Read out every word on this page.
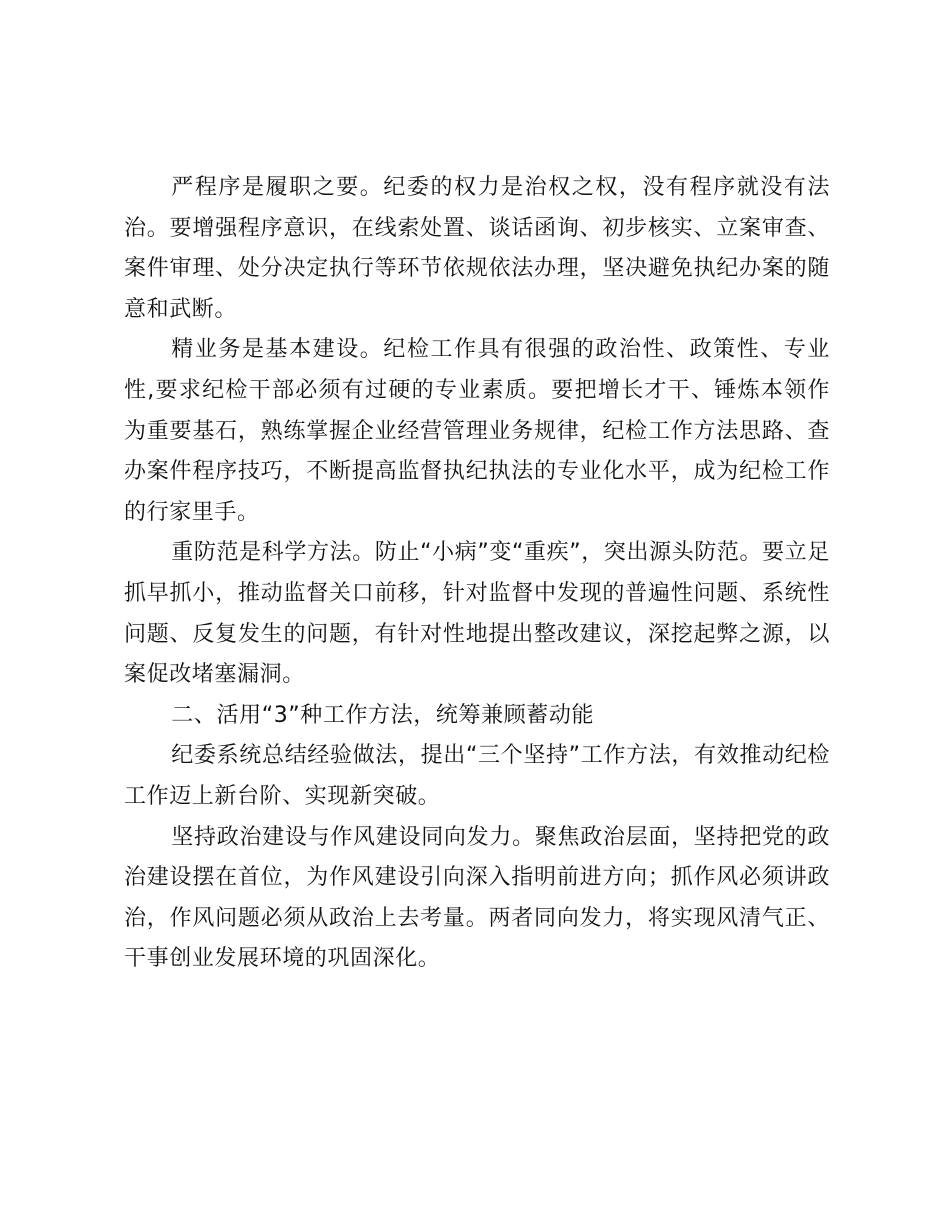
严程序是履职之要。纪委的权力是治权之权，没有程序就没有法治。要增强程序意识，在线索处置、谈话函询、初步核实、立案审查、案件审理、处分决定执行等环节依规依法办理，坚决避免执纪办案的随意和武断。

精业务是基本建设。纪检工作具有很强的政治性、政策性、专业性,要求纪检干部必须有过硬的专业素质。要把增长才干、锤炼本领作为重要基石，熟练掌握企业经营管理业务规律，纪检工作方法思路、查办案件程序技巧，不断提高监督执纪执法的专业化水平，成为纪检工作的行家里手。

重防范是科学方法。防止“小病”变“重疾”，突出源头防范。要立足抓早抓小，推动监督关口前移，针对监督中发现的普遍性问题、系统性问题、反复发生的问题，有针对性地提出整改建议，深挖起弊之源，以案促改堵塞漏洞。

二、活用“3”种工作方法，统筹兼顾蓄动能

纪委系统总结经验做法，提出“三个坚持”工作方法，有效推动纪检工作迈上新台阶、实现新突破。

坚持政治建设与作风建设同向发力。聚焦政治层面，坚持把党的政治建设摆在首位，为作风建设引向深入指明前进方向；抓作风必须讲政治，作风问题必须从政治上去考量。两者同向发力，将实现风清气正、干事创业发展环境的巩固深化。
